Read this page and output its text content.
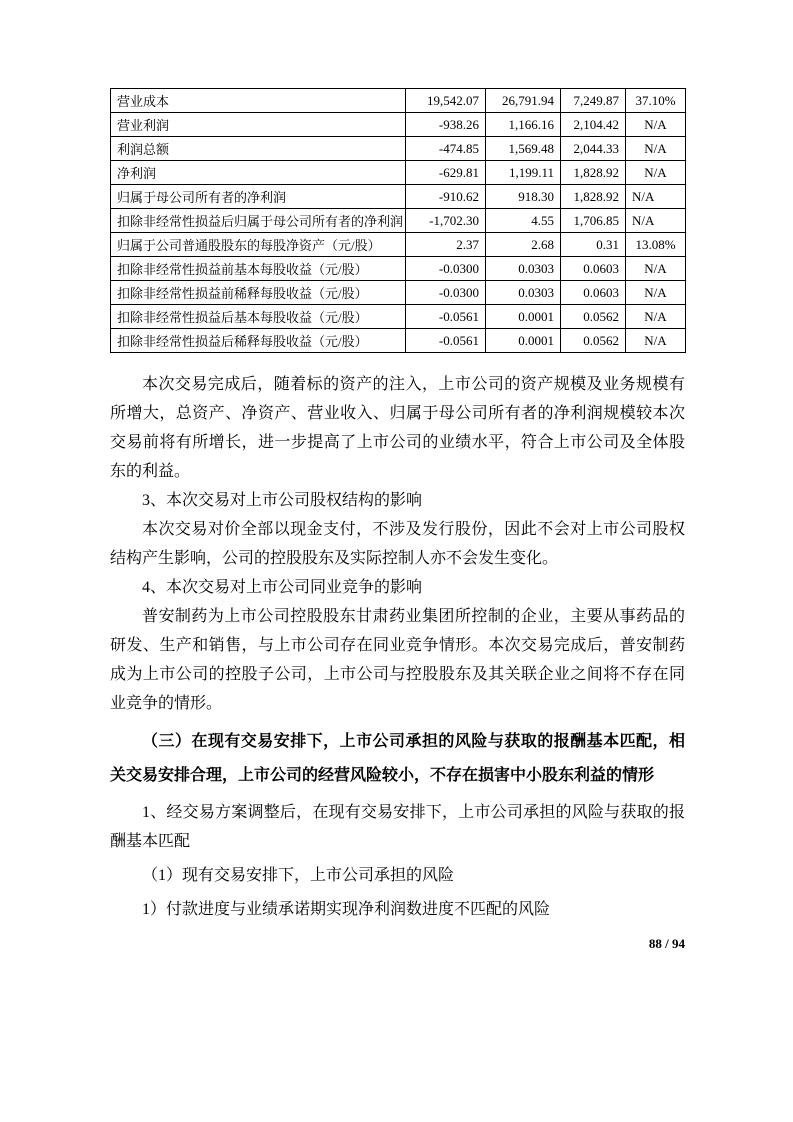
营业成本	19,542.07	26,791.94	7,249.87	37.10%
营业利润	-938.26	1,166.16	2,104.42	N/A
利润总额	-474.85	1,569.48	2,044.33	N/A
净利润	-629.81	1,199.11	1,828.92	N/A
归属于母公司所有者的净利润	-910.62	918.30	1,828.92	N/A
扣除非经常性损益后归属于母公司所有者的净利润	-1,702.30	4.55	1,706.85	N/A
归属于公司普通股股东的每股净资产（元/股）	2.37	2.68	0.31	13.08%
扣除非经常性损益前基本每股收益（元/股）	-0.0300	0.0303	0.0603	N/A
扣除非经常性损益前稀释每股收益（元/股）	-0.0300	0.0303	0.0603	N/A
扣除非经常性损益后基本每股收益（元/股）	-0.0561	0.0001	0.0562	N/A
扣除非经常性损益后稀释每股收益（元/股）	-0.0561	0.0001	0.0562	N/A

本次交易完成后，随着标的资产的注入，上市公司的资产规模及业务规模有所增大，总资产、净资产、营业收入、归属于母公司所有者的净利润规模较本次交易前将有所增长，进一步提高了上市公司的业绩水平，符合上市公司及全体股东的利益。

3、本次交易对上市公司股权结构的影响

本次交易对价全部以现金支付，不涉及发行股份，因此不会对上市公司股权结构产生影响，公司的控股股东及实际控制人亦不会发生变化。

4、本次交易对上市公司同业竞争的影响

普安制药为上市公司控股股东甘肃药业集团所控制的企业，主要从事药品的研发、生产和销售，与上市公司存在同业竞争情形。本次交易完成后，普安制药成为上市公司的控股子公司，上市公司与控股股东及其关联企业之间将不存在同业竞争的情形。

（三）在现有交易安排下，上市公司承担的风险与获取的报酬基本匹配，相关交易安排合理，上市公司的经营风险较小，不存在损害中小股东利益的情形

1、经交易方案调整后，在现有交易安排下，上市公司承担的风险与获取的报酬基本匹配

（1）现有交易安排下，上市公司承担的风险

1）付款进度与业绩承诺期实现净利润数进度不匹配的风险

88 / 94
